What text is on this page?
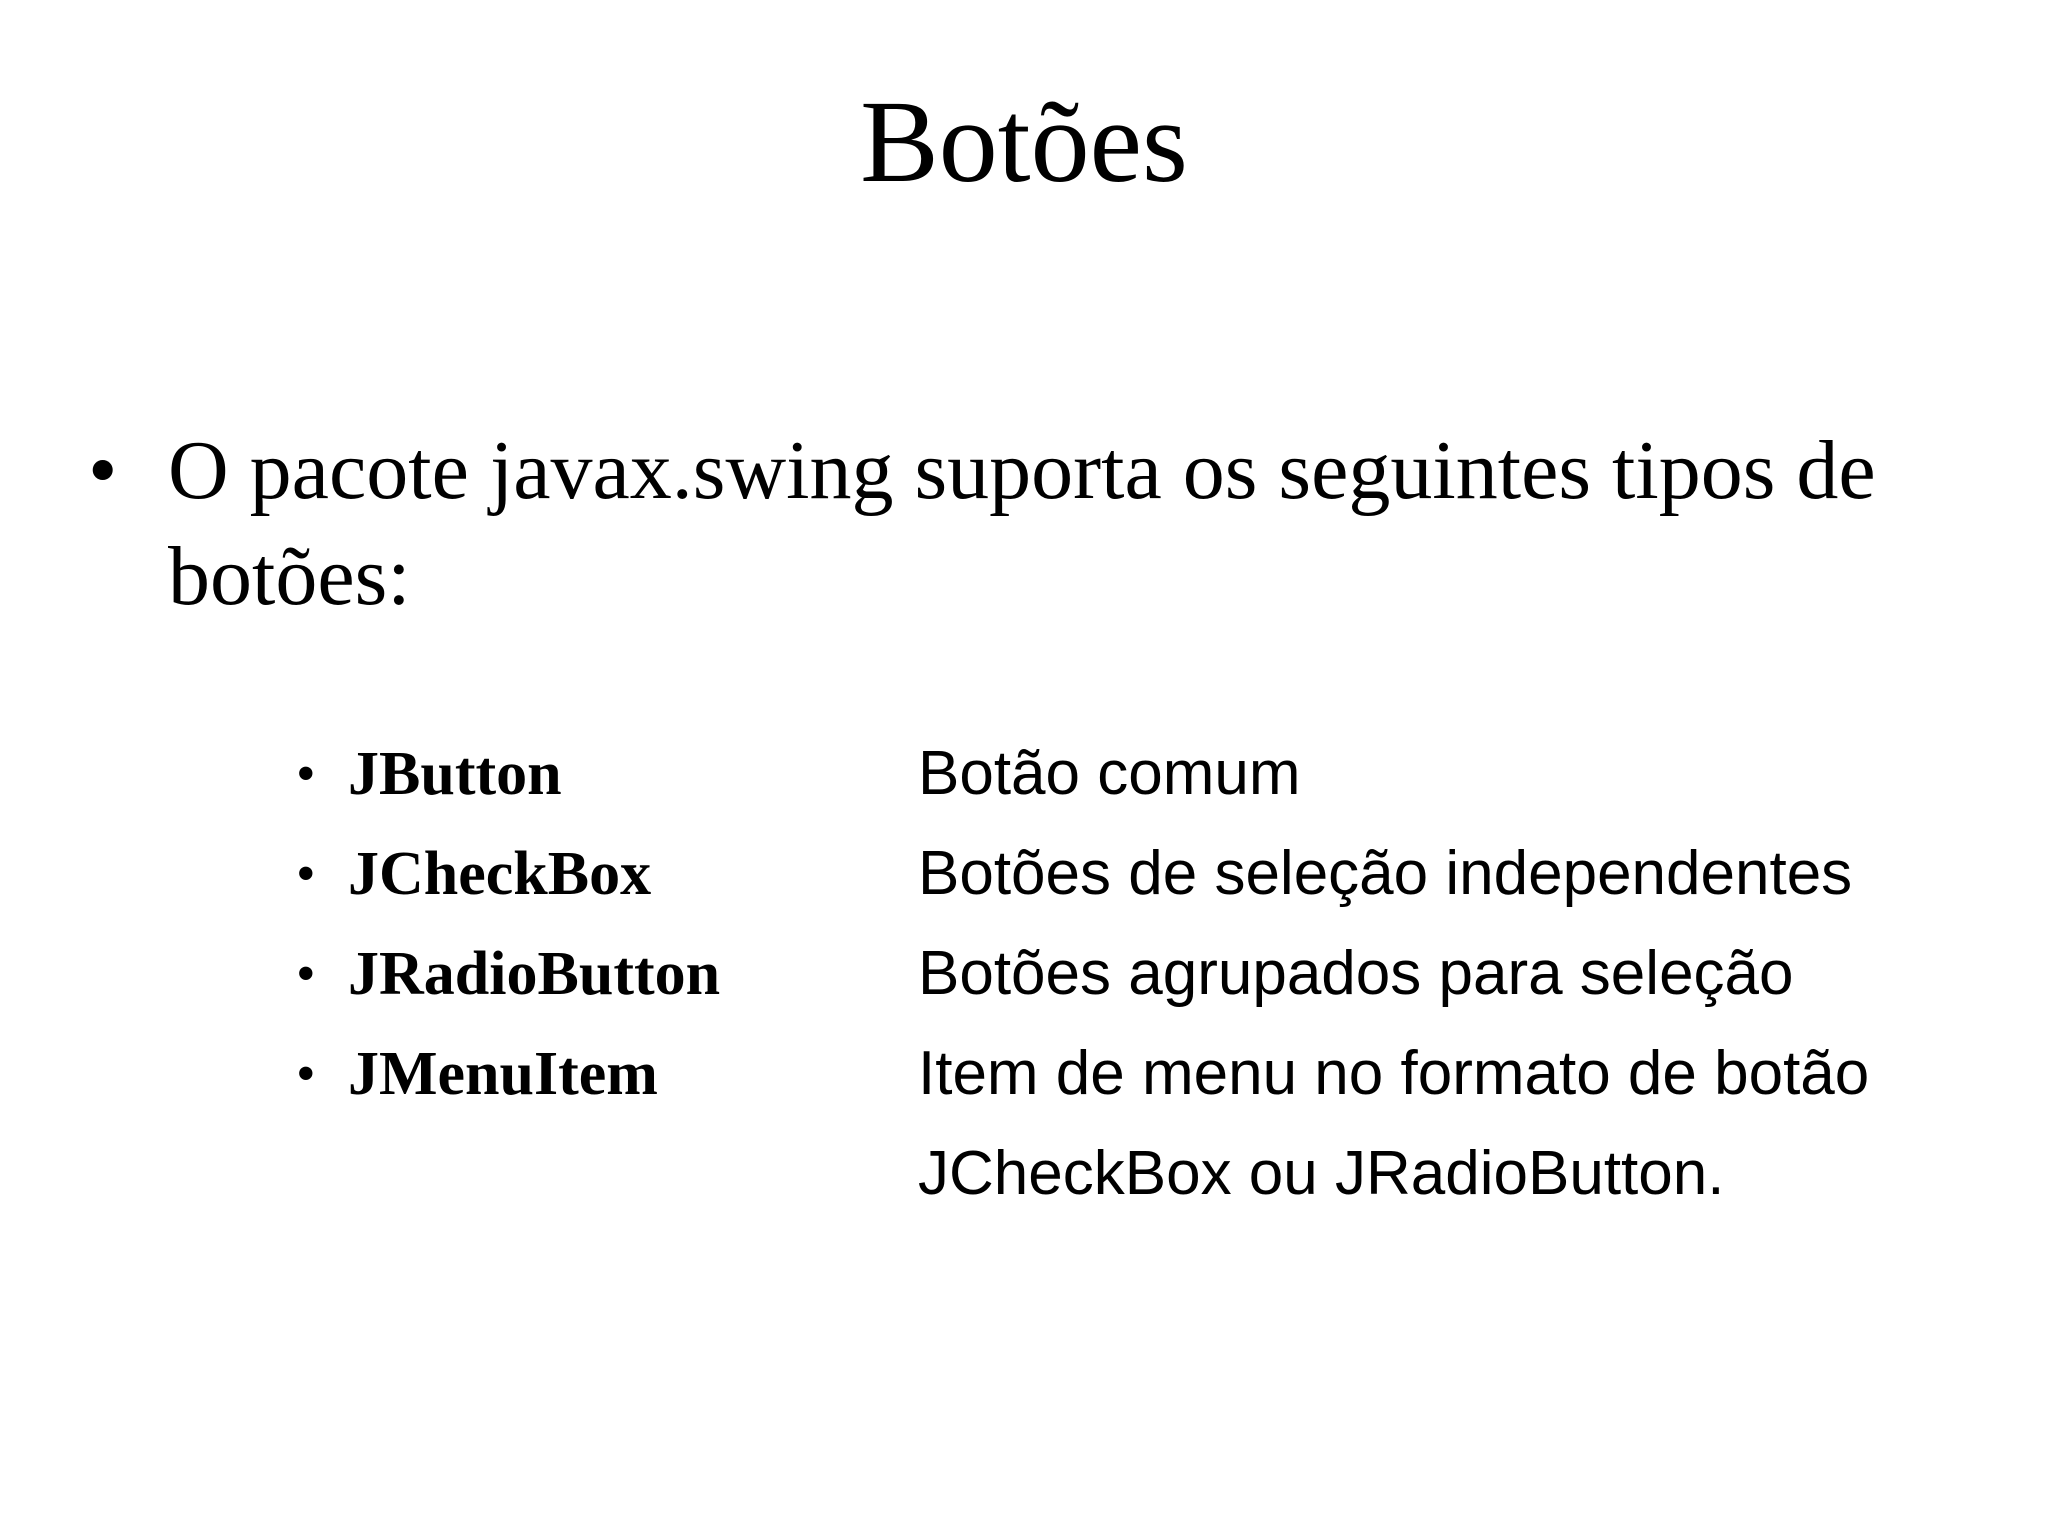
Botões
• O pacote javax.swing suporta os seguintes tipos de botões:
• JButton	Botão comum
• JCheckBox	Botões de seleção independentes
• JRadioButton	Botões agrupados para seleção
• JMenuItem	Item de menu no formato de botão
JCheckBox ou JRadioButton.
